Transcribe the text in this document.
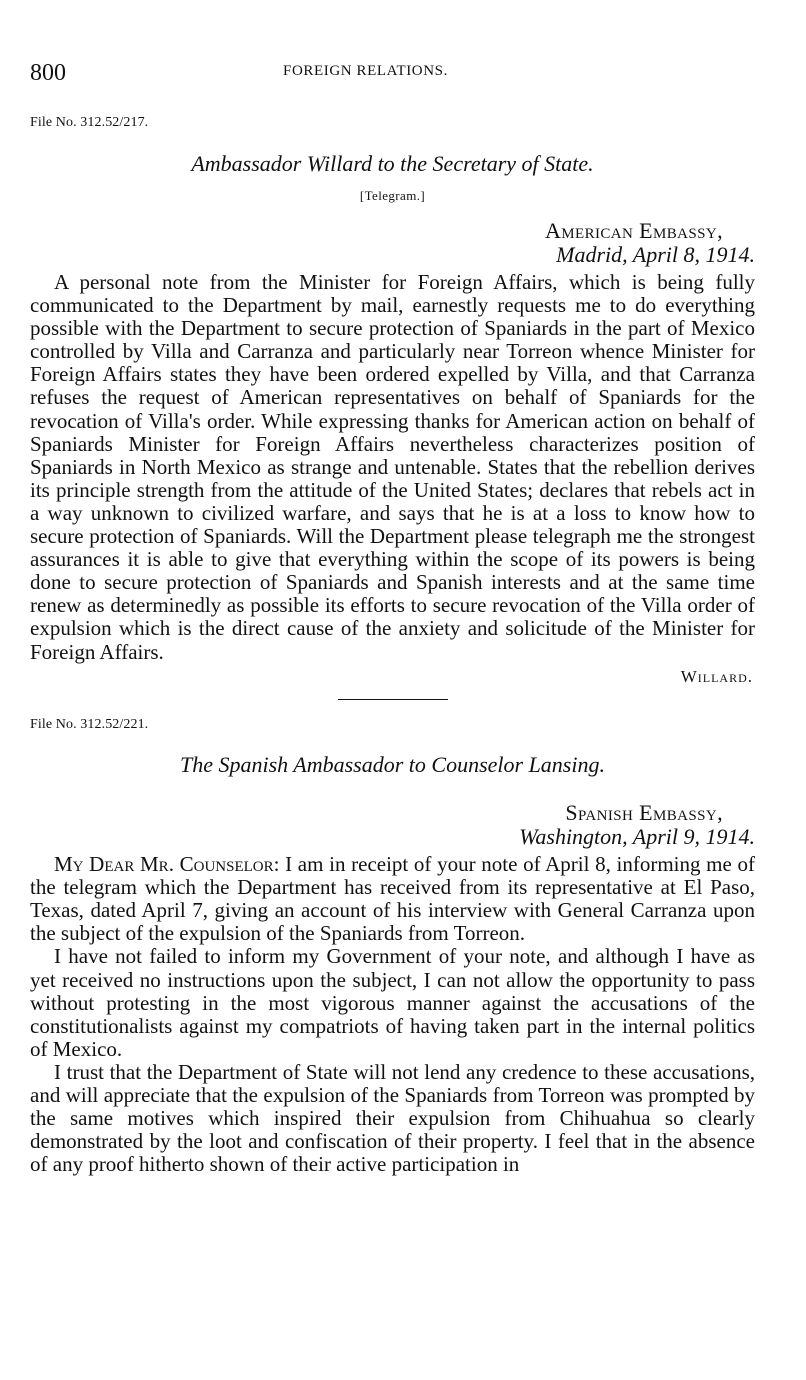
800	FOREIGN RELATIONS.
File No. 312.52/217.
Ambassador Willard to the Secretary of State.
[Telegram.]
American Embassy,
Madrid, April 8, 1914.

A personal note from the Minister for Foreign Affairs, which is being fully communicated to the Department by mail, earnestly requests me to do everything possible with the Department to secure protection of Spaniards in the part of Mexico controlled by Villa and Carranza and particularly near Torreon whence Minister for Foreign Affairs states they have been ordered expelled by Villa, and that Carranza refuses the request of American representatives on behalf of Spaniards for the revocation of Villa's order. While expressing thanks for American action on behalf of Spaniards Minister for Foreign Affairs nevertheless characterizes position of Spaniards in North Mexico as strange and untenable. States that the rebellion derives its principle strength from the attitude of the United States; declares that rebels act in a way unknown to civilized warfare, and says that he is at a loss to know how to secure protection of Spaniards. Will the Department please telegraph me the strongest assurances it is able to give that everything within the scope of its powers is being done to secure protection of Spaniards and Spanish interests and at the same time renew as determinedly as possible its efforts to secure revocation of the Villa order of expulsion which is the direct cause of the anxiety and solicitude of the Minister for Foreign Affairs.

Willard.
File No. 312.52/221.
The Spanish Ambassador to Counselor Lansing.
Spanish Embassy,
Washington, April 9, 1914.

My Dear Mr. Counselor: I am in receipt of your note of April 8, informing me of the telegram which the Department has received from its representative at El Paso, Texas, dated April 7, giving an account of his interview with General Carranza upon the subject of the expulsion of the Spaniards from Torreon.

I have not failed to inform my Government of your note, and although I have as yet received no instructions upon the subject, I can not allow the opportunity to pass without protesting in the most vigorous manner against the accusations of the constitutionalists against my compatriots of having taken part in the internal politics of Mexico.

I trust that the Department of State will not lend any credence to these accusations, and will appreciate that the expulsion of the Spaniards from Torreon was prompted by the same motives which inspired their expulsion from Chihuahua so clearly demonstrated by the loot and confiscation of their property. I feel that in the absence of any proof hitherto shown of their active participation in
